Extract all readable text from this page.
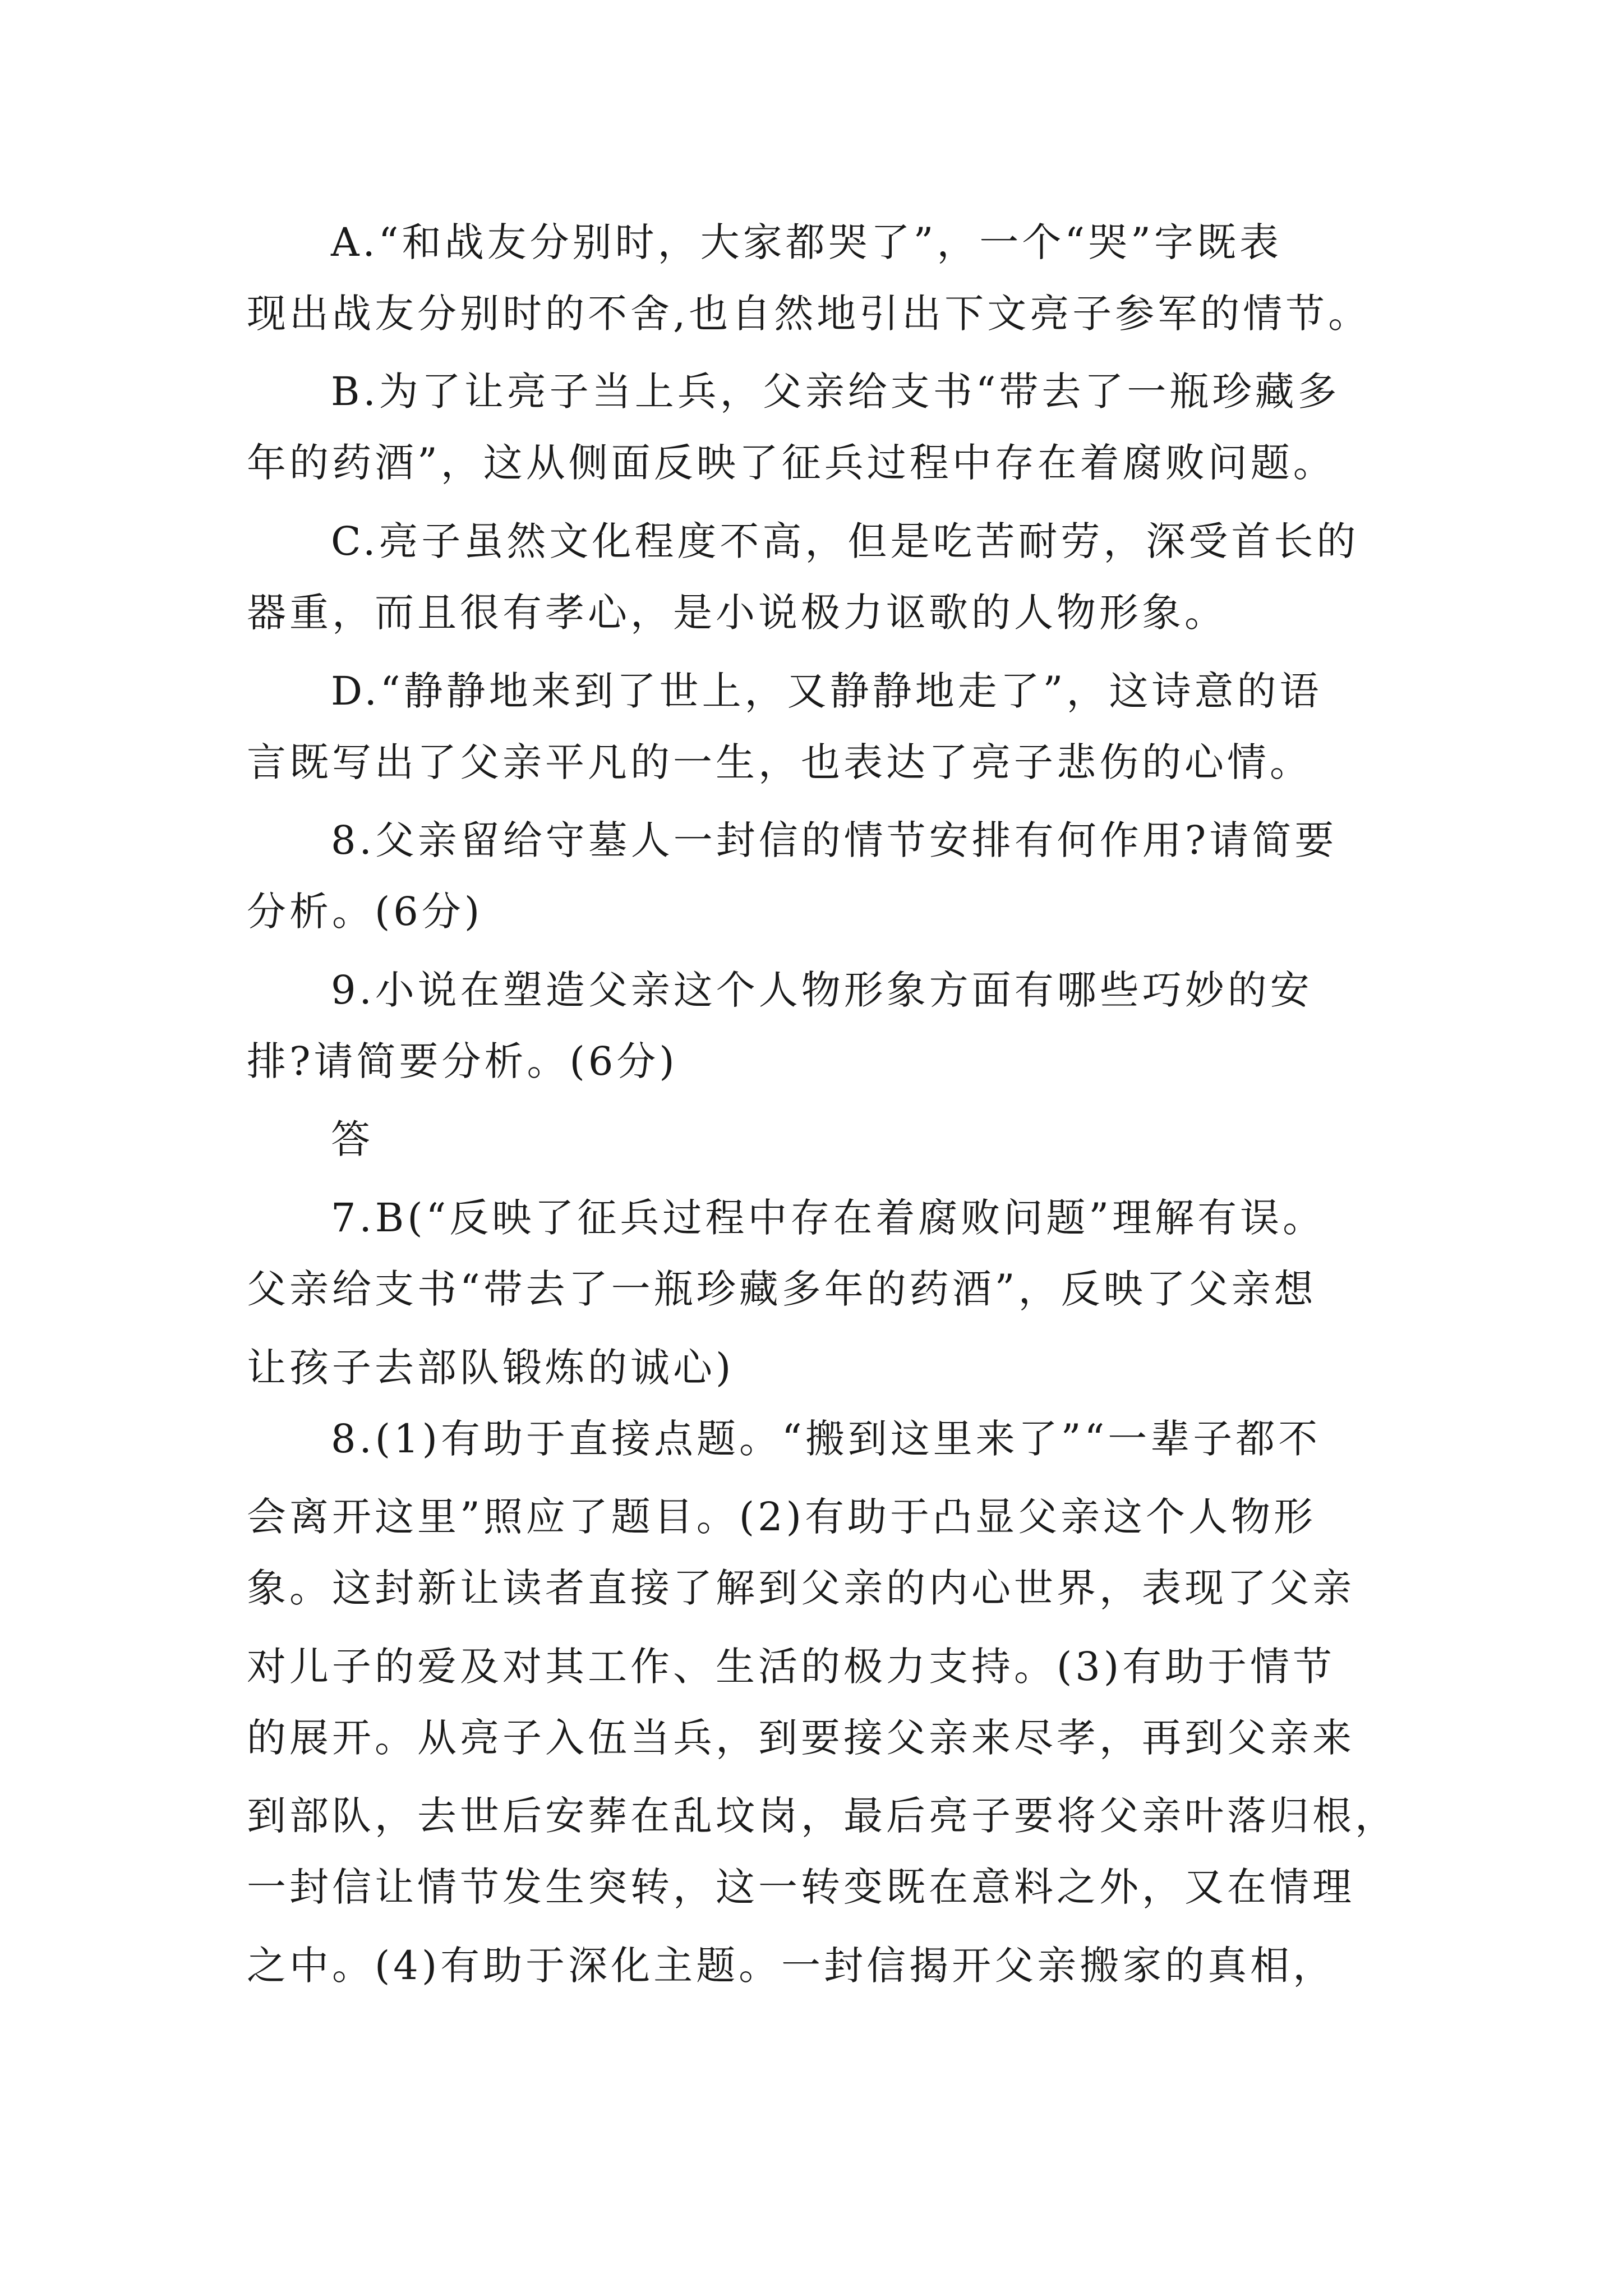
A.“和战友分别时，大家都哭了”，一个“哭”字既表
现出战友分别时的不舍,也自然地引出下文亮子参军的情节。
B.为了让亮子当上兵，父亲给支书“带去了一瓶珍藏多
年的药酒”，这从侧面反映了征兵过程中存在着腐败问题。
C.亮子虽然文化程度不高，但是吃苦耐劳，深受首长的
器重，而且很有孝心，是小说极力讴歌的人物形象。
D.“静静地来到了世上，又静静地走了”，这诗意的语
言既写出了父亲平凡的一生，也表达了亮子悲伤的心情。
8.父亲留给守墓人一封信的情节安排有何作用?请简要
分析。(6分)
9.小说在塑造父亲这个人物形象方面有哪些巧妙的安
排?请简要分析。(6分)
答
7.B(“反映了征兵过程中存在着腐败问题”理解有误。
父亲给支书“带去了一瓶珍藏多年的药酒”，反映了父亲想
让孩子去部队锻炼的诚心)
8.(1)有助于直接点题。“搬到这里来了”“一辈子都不
会离开这里”照应了题目。(2)有助于凸显父亲这个人物形
象。这封新让读者直接了解到父亲的内心世界，表现了父亲
对儿子的爱及对其工作、生活的极力支持。(3)有助于情节
的展开。从亮子入伍当兵，到要接父亲来尽孝，再到父亲来
到部队，去世后安葬在乱坟岗，最后亮子要将父亲叶落归根，
一封信让情节发生突转，这一转变既在意料之外，又在情理
之中。(4)有助于深化主题。一封信揭开父亲搬家的真相，
